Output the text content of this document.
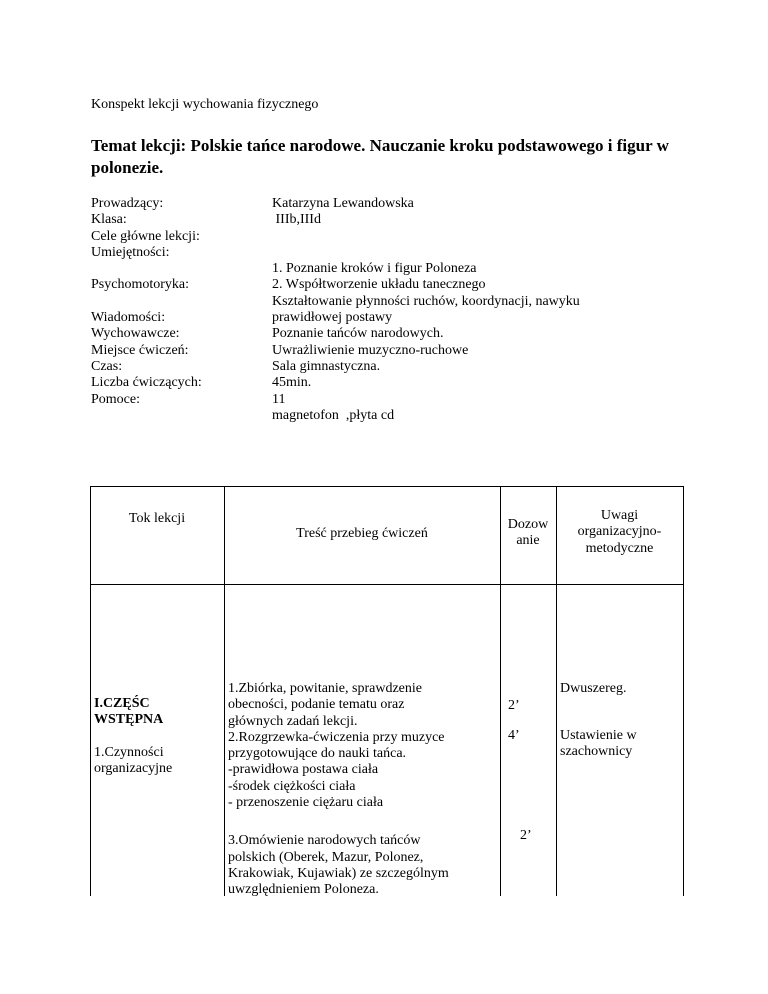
Konspekt lekcji wychowania fizycznego
Temat lekcji: Polskie tańce narodowe. Nauczanie kroku podstawowego i figur w polonezie.
Prowadzący:
Klasa:
Cele główne lekcji:
Umiejętności:
Psychomotoryka:
Wiadomości:
Wychowawcze:
Miejsce ćwiczeń:
Czas:
Liczba ćwiczących:
Pomoce:
Katarzyna Lewandowska
IIIb,IIId
1. Poznanie kroków i figur Poloneza
2. Współtworzenie układu tanecznego
Kształtowanie płynności ruchów, koordynacji, nawyku prawidłowej postawy
Poznanie tańców narodowych.
Uwrażliwienie muzyczno-ruchowe
Sala gimnastyczna.
45min.
11
magnetofon  ,płyta cd
Tok lekcji
Treść przebieg ćwiczeń
Dozow
anie
Uwagi
organizacyjno-
metodyczne
I.CZĘŚC
WSTĘPNA
1.Czynności
organizacyjne
1.Zbiórka, powitanie, sprawdzenie
obecności, podanie tematu oraz
głównych zadań lekcji.
2.Rozgrzewka-ćwiczenia przy muzyce
przygotowujące do nauki tańca.
-prawidłowa postawa ciała
-środek ciężkości ciała
- przenoszenie ciężaru ciała
3.Omówienie narodowych tańców
polskich (Oberek, Mazur, Polonez,
Krakowiak, Kujawiak) ze szczególnym
uwzględnieniem Poloneza.
2’
4’
2’
Dwuszereg.
Ustawienie w
szachownicy
